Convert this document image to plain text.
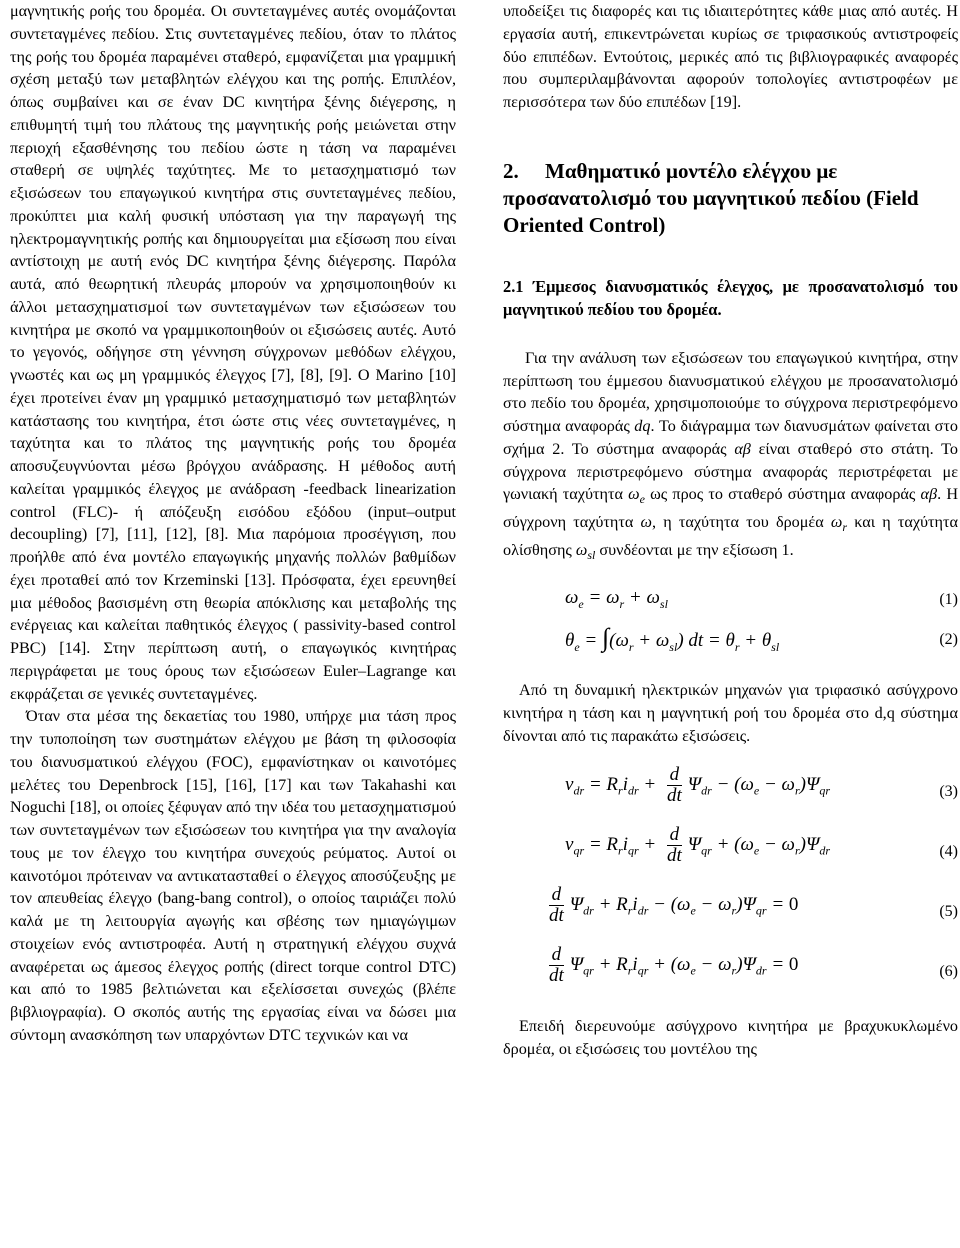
μαγνητικής ροής του δρομέα. Οι συντεταγμένες αυτές ονομάζονται συντεταγμένες πεδίου. Στις συντεταγμένες πεδίου, όταν το πλάτος της ροής του δρομέα παραμένει σταθερό, εμφανίζεται μια γραμμική σχέση μεταξύ των μεταβλητών ελέγχου και της ροπής. Επιπλέον, όπως συμβαίνει και σε έναν DC κινητήρα ξένης διέγερσης, η επιθυμητή τιμή του πλάτους της μαγνητικής ροής μειώνεται στην περιοχή εξασθένησης του πεδίου ώστε η τάση να παραμένει σταθερή σε υψηλές ταχύτητες. Με το μετασχηματισμό των εξισώσεων του επαγωγικού κινητήρα στις συντεταγμένες πεδίου, προκύπτει μια καλή φυσική υπόσταση για την παραγωγή της ηλεκτρομαγνητικής ροπής και δημιουργείται μια εξίσωση που είναι αντίστοιχη με αυτή ενός DC κινητήρα ξένης διέγερσης. Παρόλα αυτά, από θεωρητική πλευράς μπορούν να χρησιμοποιηθούν κι άλλοι μετασχηματισμοί των συντεταγμένων των εξισώσεων του κινητήρα με σκοπό να γραμμικοποιηθούν οι εξισώσεις αυτές. Αυτό το γεγονός, οδήγησε στη γέννηση σύγχρονων μεθόδων ελέγχου, γνωστές και ως μη γραμμικός έλεγχος [7], [8], [9]. Ο Marino [10] έχει προτείνει έναν μη γραμμικό μετασχηματισμό των μεταβλητών κατάστασης του κινητήρα, έτσι ώστε στις νέες συντεταγμένες, η ταχύτητα και το πλάτος της μαγνητικής ροής του δρομέα αποσυζευγνύονται μέσω βρόγχου ανάδρασης. Η μέθοδος αυτή καλείται γραμμικός έλεγχος με ανάδραση -feedback linearization control (FLC)- ή απόζευξη εισόδου εξόδου (input–output decoupling) [7], [11], [12], [8]. Μια παρόμοια προσέγγιση, που προήλθε από ένα μοντέλο επαγωγικής μηχανής πολλών βαθμίδων έχει προταθεί από τον Krzeminski [13]. Πρόσφατα, έχει ερευνηθεί μια μέθοδος βασισμένη στη θεωρία απόκλισης και μεταβολής της ενέργειας και καλείται παθητικός έλεγχος ( passivity-based control PBC) [14]. Στην περίπτωση αυτή, ο επαγωγικός κινητήρας περιγράφεται με τους όρους των εξισώσεων Euler–Lagrange και εκφράζεται σε γενικές συντεταγμένες.

Όταν στα μέσα της δεκαετίας του 1980, υπήρχε μια τάση προς την τυποποίηση των συστημάτων ελέγχου με βάση τη φιλοσοφία του διανυσματικού ελέγχου (FOC), εμφανίστηκαν οι καινοτόμες μελέτες του Depenbrock [15], [16], [17] και των Takahashi και Noguchi [18], οι οποίες ξέφυγαν από την ιδέα του μετασχηματισμού των συντεταγμένων των εξισώσεων του κινητήρα για την αναλογία τους με τον έλεγχο του κινητήρα συνεχούς ρεύματος. Αυτοί οι καινοτόμοι πρότειναν να αντικατασταθεί ο έλεγχος αποσύζευξης με τον απευθείας έλεγχο (bang-bang control), ο οποίος ταιριάζει πολύ καλά με τη λειτουργία αγωγής και σβέσης των ημιαγώγιμων στοιχείων ενός αντιστροφέα. Αυτή η στρατηγική ελέγχου συχνά αναφέρεται ως άμεσος έλεγχος ροπής (direct torque control DTC) και από το 1985 βελτιώνεται και εξελίσσεται συνεχώς (βλέπε βιβλιογραφία). Ο σκοπός αυτής της εργασίας είναι να δώσει μια σύντομη ανασκόπηση των υπαρχόντων DTC τεχνικών και να

υποδείξει τις διαφορές και τις ιδιαιτερότητες κάθε μιας από αυτές. Η εργασία αυτή, επικεντρώνεται κυρίως σε τριφασικούς αντιστροφείς δύο επιπέδων. Εντούτοις, μερικές από τις βιβλιογραφικές αναφορές που συμπεριλαμβάνονται αφορούν τοπολογίες αντιστροφέων με περισσότερα των δύο επιπέδων [19].

2.     Μαθηματικό μοντέλο ελέγχου με προσανατολισμό του μαγνητικού πεδίου (Field Oriented Control)

2.1 Έμμεσος διανυσματικός έλεγχος, με προσανατολισμό του μαγνητικού πεδίου του δρομέα.

Για την ανάλυση των εξισώσεων του επαγωγικού κινητήρα, στην περίπτωση του έμμεσου διανυσματικού ελέγχου με προσανατολισμό στο πεδίο του δρομέα, χρησιμοποιούμε το σύγχρονα περιστρεφόμενο σύστημα αναφοράς dq. Το διάγραμμα των διανυσμάτων φαίνεται στο σχήμα 2. Το σύστημα αναφοράς αβ είναι σταθερό στο στάτη. Το σύγχρονα περιστρεφόμενο σύστημα αναφοράς περιστρέφεται με γωνιακή ταχύτητα $\omega_e$ ως προς το σταθερό σύστημα αναφοράς αβ. Η σύγχρονη ταχύτητα ω, η ταχύτητα του δρομέα $\omega_r$ και η ταχύτητα ολίσθησης $\omega_{sl}$ συνδέονται με την εξίσωση 1.

$\omega_e = \omega_r + \omega_{sl}$	(1)
$\theta_e = \int(\omega_r + \omega_{sl})$ dt = $\theta_r + \theta_{sl}$	(2)

Από τη δυναμική ηλεκτρικών μηχανών για τριφασικό ασύγχρονο κινητήρα η τάση και η μαγνητική ροή του δρομέα στο d,q σύστημα δίνονται από τις παρακάτω εξισώσεις.

$v_{dr} = R_ri_{dr} + \frac{d}{dt} \Psi_{dr} - (\omega_e - \omega_r)\Psi_{qr}$	(3)
$v_{qr} = R_ri_{qr} + \frac{d}{dt} \Psi_{qr} + (\omega_e - \omega_r)\Psi_{dr}$	(4)
$\frac{d}{dt} \Psi_{dr} + R_ri_{dr} - (\omega_e - \omega_r)\Psi_{qr} = 0$	(5)
$\frac{d}{dt} \Psi_{qr} + R_ri_{qr} + (\omega_e - \omega_r)\Psi_{dr} = 0$	(6)

Επειδή διερευνούμε ασύγχρονο κινητήρα με βραχυκυκλωμένο δρομέα, οι εξισώσεις του μοντέλου της
